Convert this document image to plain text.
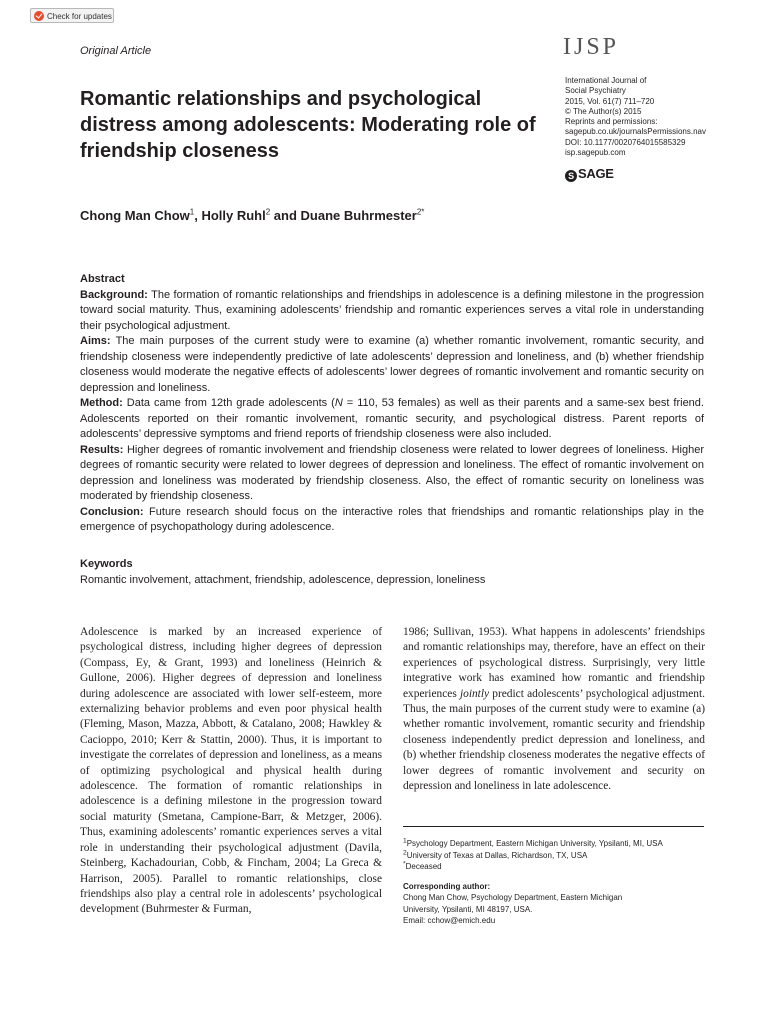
Check for updates
Original Article	IJSP
International Journal of
Social Psychiatry
2015, Vol. 61(7) 711–720
© The Author(s) 2015
Reprints and permissions:
sagepub.co.uk/journalsPermissions.nav
DOI: 10.1177/0020764015585329
isp.sagepub.com
S SAGE
Romantic relationships and psychological distress among adolescents: Moderating role of friendship closeness
Chong Man Chow$^1$, Holly Ruhl$^2$ and Duane Buhrmester$^{2*}$

Abstract

Background: The formation of romantic relationships and friendships in adolescence is a defining milestone in the progression toward social maturity. Thus, examining adolescents’ friendship and romantic experiences serves a vital role in understanding their psychological adjustment.

Aims: The main purposes of the current study were to examine (a) whether romantic involvement, romantic security, and friendship closeness were independently predictive of late adolescents’ depression and loneliness, and (b) whether friendship closeness would moderate the negative effects of adolescents’ lower degrees of romantic involvement and romantic security on depression and loneliness.

Method: Data came from 12th grade adolescents (N = 110, 53 females) as well as their parents and a same-sex best friend. Adolescents reported on their romantic involvement, romantic security, and psychological distress. Parent reports of adolescents’ depressive symptoms and friend reports of friendship closeness were also included.

Results: Higher degrees of romantic involvement and friendship closeness were related to lower degrees of loneliness. Higher degrees of romantic security were related to lower degrees of depression and loneliness. The effect of romantic involvement on depression and loneliness was moderated by friendship closeness. Also, the effect of romantic security on loneliness was moderated by friendship closeness.

Conclusion: Future research should focus on the interactive roles that friendships and romantic relationships play in the emergence of psychopathology during adolescence.

Keywords
Romantic involvement, attachment, friendship, adolescence, depression, loneliness

Adolescence is marked by an increased experience of psychological distress, including higher degrees of depression (Compass, Ey, & Grant, 1993) and loneliness (Heinrich & Gullone, 2006). Higher degrees of depression and loneliness during adolescence are associated with lower self-esteem, more externalizing behavior problems and even poor physical health (Fleming, Mason, Mazza, Abbott, & Catalano, 2008; Hawkley & Cacioppo, 2010; Kerr & Stattin, 2000). Thus, it is important to investigate the correlates of depression and loneliness, as a means of optimizing psychological and physical health during adolescence. The formation of romantic relationships in adolescence is a defining milestone in the progression toward social maturity (Smetana, Campione-Barr, & Metzger, 2006). Thus, examining adolescents’ romantic experiences serves a vital role in understanding their psychological adjustment (Davila, Steinberg, Kachadourian, Cobb, & Fincham, 2004; La Greca & Harrison, 2005). Parallel to romantic relationships, close friendships also play a central role in adolescents’ psychological development (Buhrmester & Furman,

1986; Sullivan, 1953). What happens in adolescents’ friendships and romantic relationships may, therefore, have an effect on their experiences of psychological distress. Surprisingly, very little integrative work has examined how romantic and friendship experiences jointly predict adolescents’ psychological adjustment. Thus, the main purposes of the current study were to examine (a) whether romantic involvement, romantic security and friendship closeness independently predict depression and loneliness, and (b) whether friendship closeness moderates the negative effects of lower degrees of romantic involvement and security on depression and loneliness in late adolescence.

$^1$Psychology Department, Eastern Michigan University, Ypsilanti, MI, USA
$^2$University of Texas at Dallas, Richardson, TX, USA
*Deceased
Corresponding author:
Chong Man Chow, Psychology Department, Eastern Michigan
University, Ypsilanti, MI 48197, USA.
Email: cchow@emich.edu
